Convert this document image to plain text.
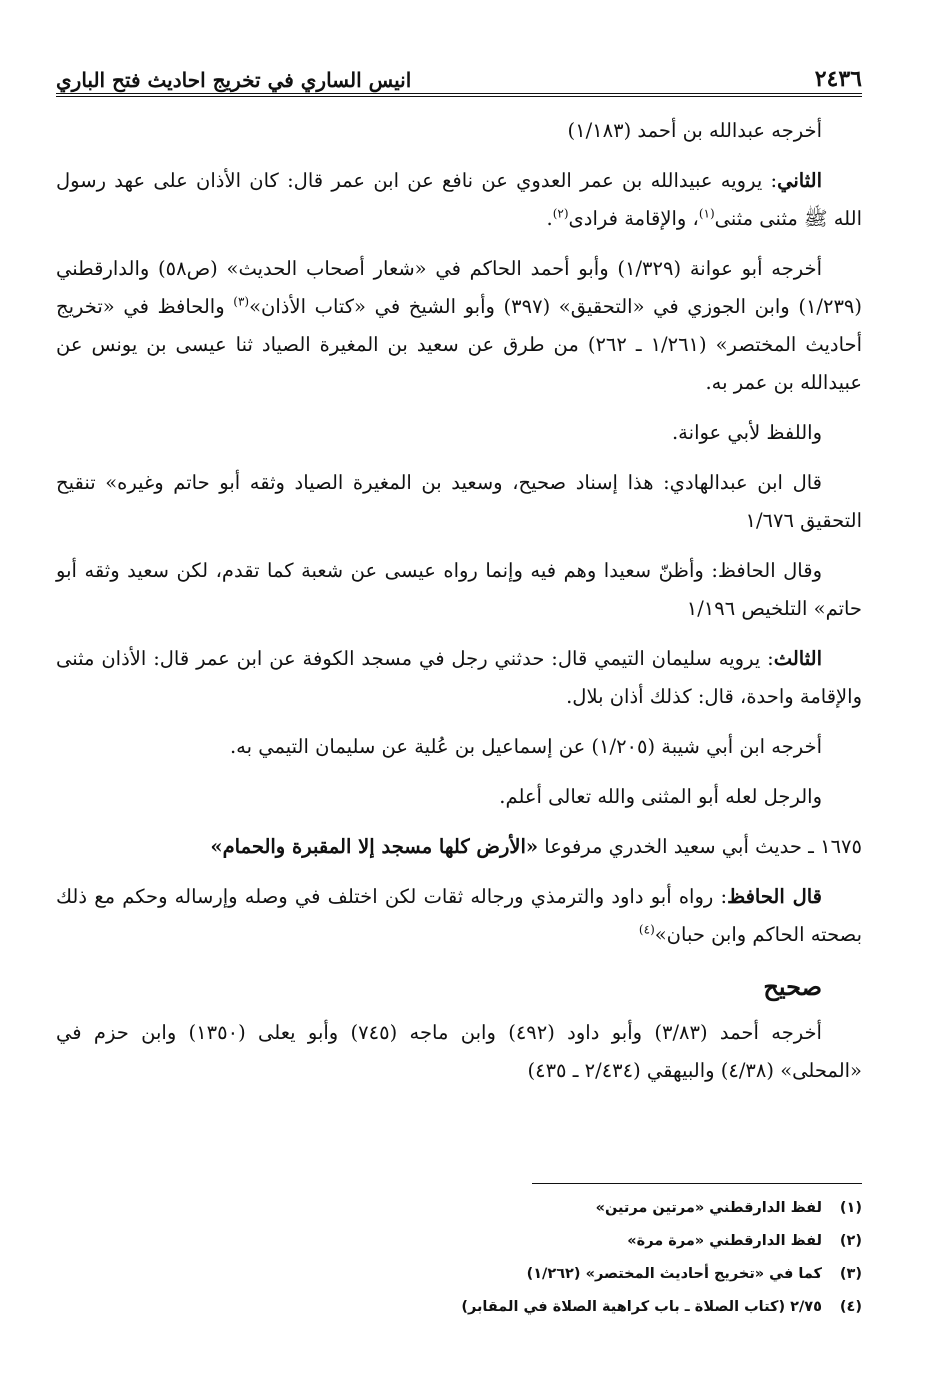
٢٤٣٦
انيس الساري في تخريج احاديث فتح الباري

أخرجه عبدالله بن أحمد (١/١٨٣)

الثاني: يرويه عبيدالله بن عمر العدوي عن نافع عن ابن عمر قال: كان الأذان على عهد رسول الله ﷺ مثنى مثنى$^{(١)}$، والإقامة فرادى$^{(٢)}$.

أخرجه أبو عوانة (١/٣٢٩) وأبو أحمد الحاكم في «شعار أصحاب الحديث» (ص٥٨) والدارقطني (١/٢٣٩) وابن الجوزي في «التحقيق» (٣٩٧) وأبو الشيخ في «كتاب الأذان»$^{(٣)}$ والحافظ في «تخريج أحاديث المختصر» (١/٢٦١ ـ ٢٦٢) من طرق عن سعيد بن المغيرة الصياد ثنا عيسى بن يونس عن عبيدالله بن عمر به.

واللفظ لأبي عوانة.

قال ابن عبدالهادي: هذا إسناد صحيح، وسعيد بن المغيرة الصياد وثقه أبو حاتم وغيره» تنقيح التحقيق ١/٦٧٦

وقال الحافظ: وأظنّ سعيدا وهم فيه وإنما رواه عيسى عن شعبة كما تقدم، لكن سعيد وثقه أبو حاتم» التلخيص ١/١٩٦

الثالث: يرويه سليمان التيمي قال: حدثني رجل في مسجد الكوفة عن ابن عمر قال: الأذان مثنى والإقامة واحدة، قال: كذلك أذان بلال.

أخرجه ابن أبي شيبة (١/٢٠٥) عن إسماعيل بن عُلية عن سليمان التيمي به.

والرجل لعله أبو المثنى والله تعالى أعلم.

١٦٧٥ ـ حديث أبي سعيد الخدري مرفوعا «الأرض كلها مسجد إلا المقبرة والحمام»

قال الحافظ: رواه أبو داود والترمذي ورجاله ثقات لكن اختلف في وصله وإرساله وحكم مع ذلك بصحته الحاكم وابن حبان»$^{(٤)}$

صحيح

أخرجه أحمد (٣/٨٣) وأبو داود (٤٩٢) وابن ماجه (٧٤٥) وأبو يعلى (١٣٥٠) وابن حزم في «المحلى» (٤/٣٨) والبيهقي (٢/٤٣٤ ـ ٤٣٥)

(١)
لفظ الدارقطني «مرتين مرتين»
(٢)
لفظ الدارقطني «مرة مرة»
(٣)
كما في «تخريج أحاديث المختصر» (١/٢٦٢)
(٤)
٢/٧٥ (كتاب الصلاة ـ باب كراهية الصلاة في المقابر)
